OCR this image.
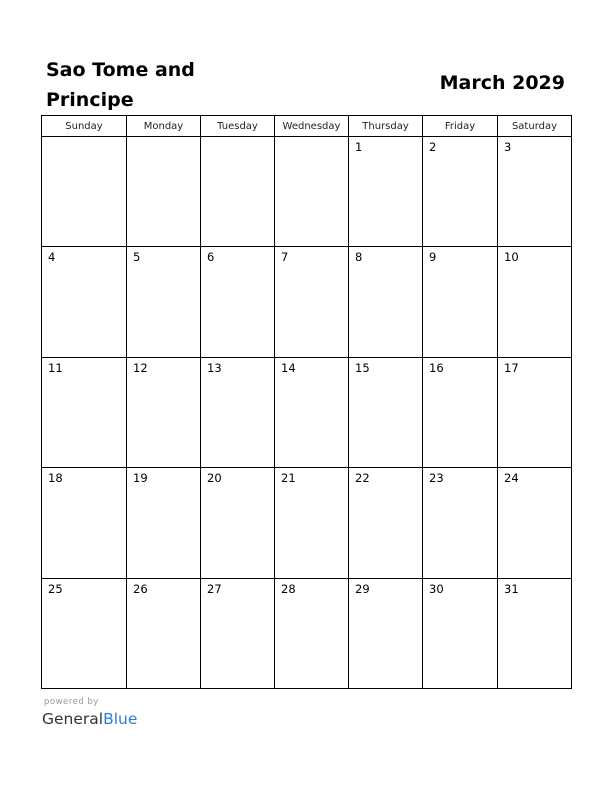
Sao Tome and Principe
March 2029
Sunday	Monday	Tuesday	Wednesday	Thursday	Friday	Saturday

				1	2	3

4	5	6	7	8	9	10

11	12	13	14	15	16	17

18	19	20	21	22	23	24

25	26	27	28	29	30	31
powered by
GeneralBlue
